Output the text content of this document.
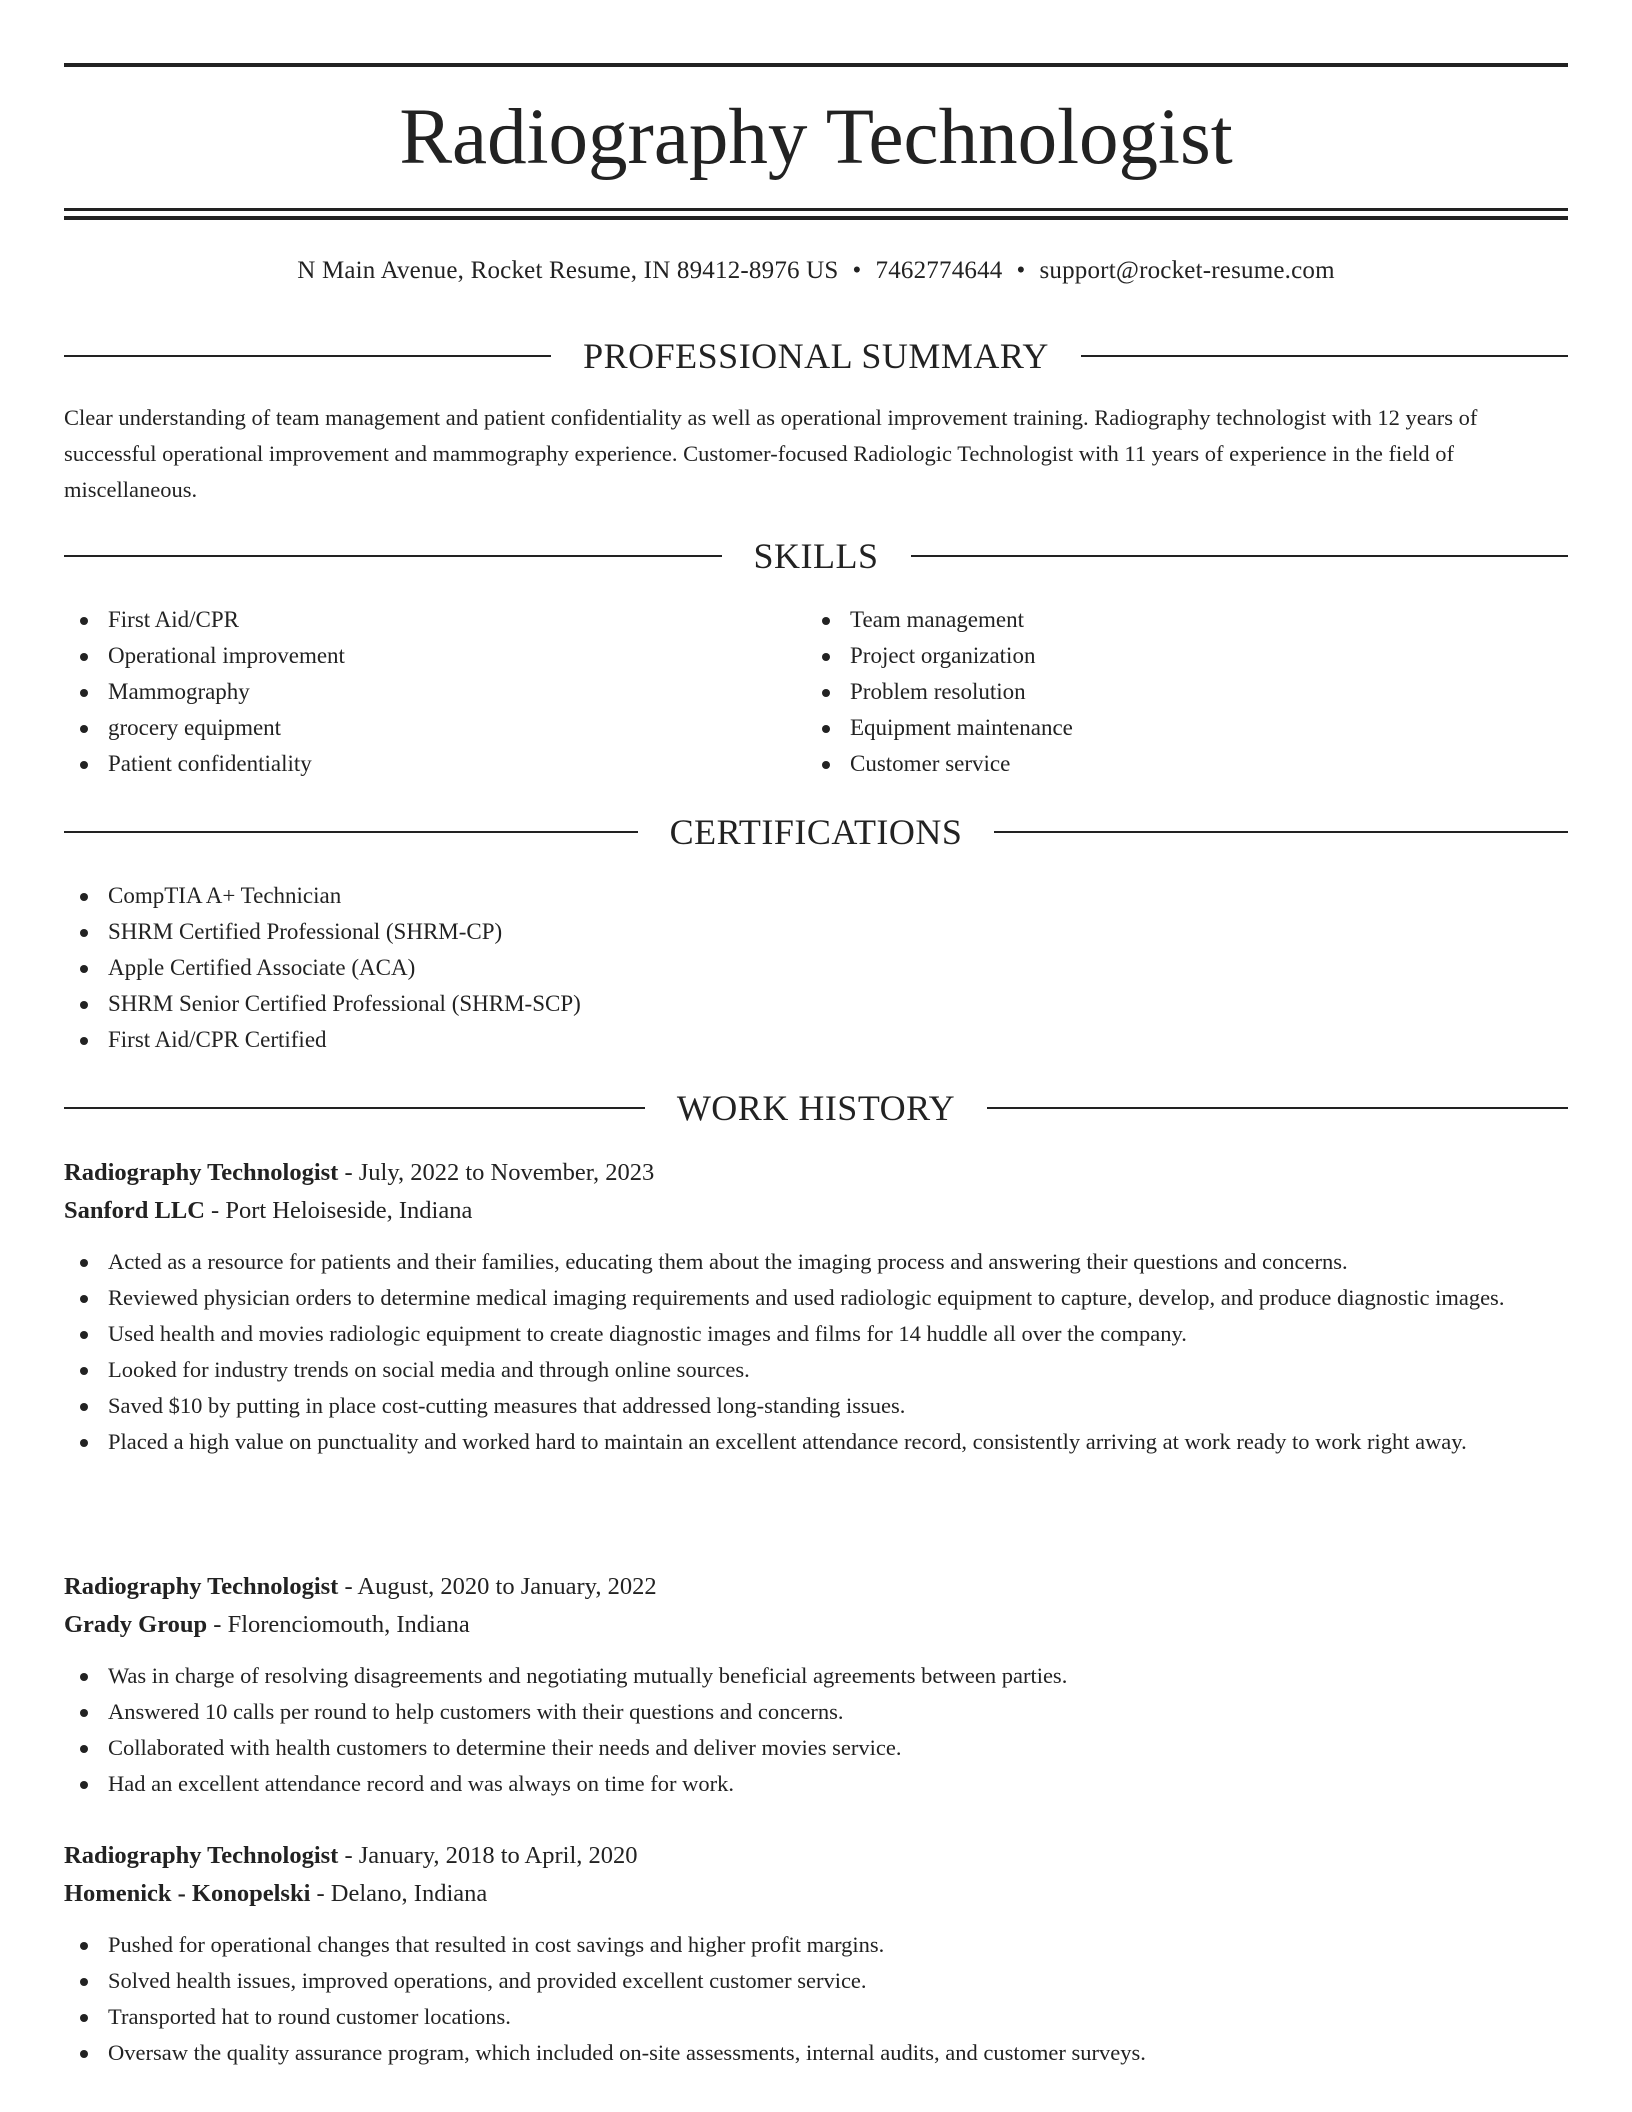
Radiography Technologist
N Main Avenue, Rocket Resume, IN 89412-8976 US • 7462774644 • support@rocket-resume.com
PROFESSIONAL SUMMARY

Clear understanding of team management and patient confidentiality as well as operational improvement training. Radiography technologist with 12 years of successful operational improvement and mammography experience. Customer-focused Radiologic Technologist with 11 years of experience in the field of miscellaneous.

SKILLS
First Aid/CPR
Operational improvement
Mammography
grocery equipment
Patient confidentiality
Team management
Project organization
Problem resolution
Equipment maintenance
Customer service
CERTIFICATIONS
CompTIA A+ Technician
SHRM Certified Professional (SHRM-CP)
Apple Certified Associate (ACA)
SHRM Senior Certified Professional (SHRM-SCP)
First Aid/CPR Certified
WORK HISTORY
Radiography Technologist - July, 2022 to November, 2023
Sanford LLC - Port Heloiseside, Indiana
Acted as a resource for patients and their families, educating them about the imaging process and answering their questions and concerns.
Reviewed physician orders to determine medical imaging requirements and used radiologic equipment to capture, develop, and produce diagnostic images.
Used health and movies radiologic equipment to create diagnostic images and films for 14 huddle all over the company.
Looked for industry trends on social media and through online sources.
Saved $10 by putting in place cost-cutting measures that addressed long-standing issues.
Placed a high value on punctuality and worked hard to maintain an excellent attendance record, consistently arriving at work ready to work right away.
Radiography Technologist - August, 2020 to January, 2022
Grady Group - Florenciomouth, Indiana
Was in charge of resolving disagreements and negotiating mutually beneficial agreements between parties.
Answered 10 calls per round to help customers with their questions and concerns.
Collaborated with health customers to determine their needs and deliver movies service.
Had an excellent attendance record and was always on time for work.
Radiography Technologist - January, 2018 to April, 2020
Homenick - Konopelski - Delano, Indiana
Pushed for operational changes that resulted in cost savings and higher profit margins.
Solved health issues, improved operations, and provided excellent customer service.
Transported hat to round customer locations.
Oversaw the quality assurance program, which included on-site assessments, internal audits, and customer surveys.
